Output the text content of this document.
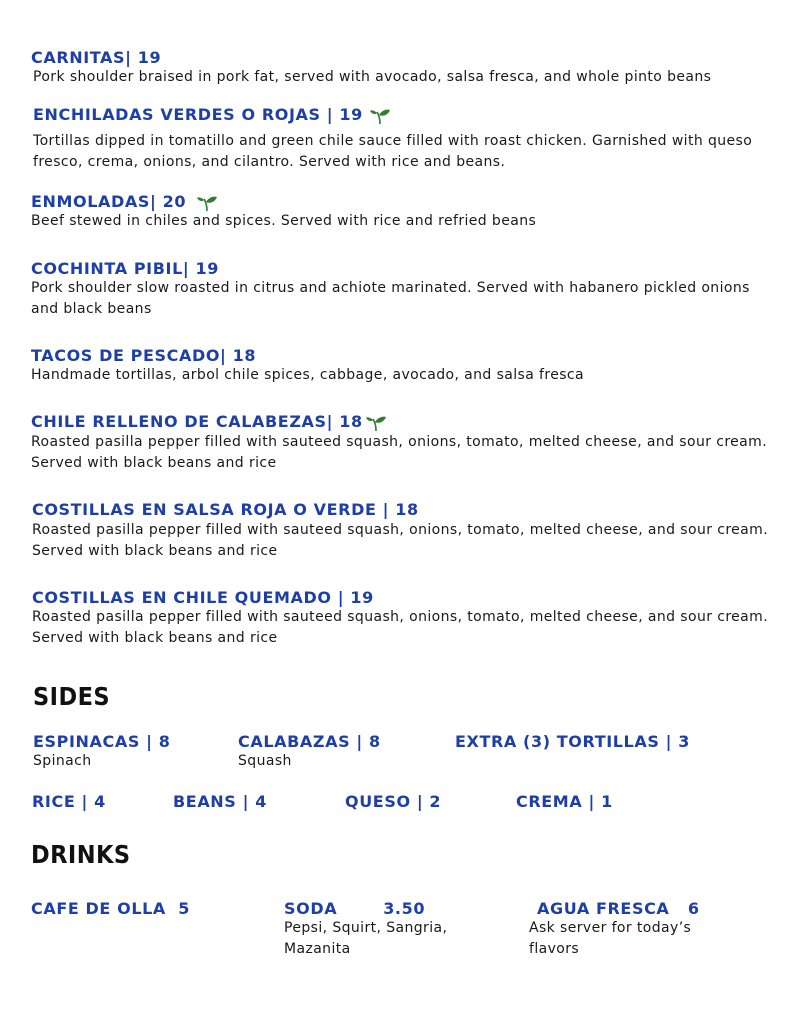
CARNITAS| 19
Pork shoulder braised in pork fat, served with avocado, salsa fresca, and whole pinto beans
ENCHILADAS VERDES O ROJAS | 19
Tortillas dipped in tomatillo and green chile sauce filled with roast chicken. Garnished with queso fresco, crema, onions, and cilantro. Served with rice and beans.
ENMOLADAS| 20
Beef stewed in chiles and spices. Served with rice and refried beans
COCHINTA PIBIL| 19
Pork shoulder slow roasted in citrus and achiote marinated. Served with habanero pickled onions and black beans
TACOS DE PESCADO| 18
Handmade tortillas, arbol chile spices, cabbage, avocado, and salsa fresca
CHILE RELLENO DE CALABEZAS| 18
Roasted pasilla pepper filled with sauteed squash, onions, tomato, melted cheese, and sour cream. Served with black beans and rice
COSTILLAS EN SALSA ROJA O VERDE | 18
Roasted pasilla pepper filled with sauteed squash, onions, tomato, melted cheese, and sour cream. Served with black beans and rice
COSTILLAS EN CHILE QUEMADO | 19
Roasted pasilla pepper filled with sauteed squash, onions, tomato, melted cheese, and sour cream. Served with black beans and rice
SIDES
ESPINACAS | 8
Spinach
CALABAZAS | 8
Squash
EXTRA (3) TORTILLAS | 3
RICE | 4	BEANS | 4	QUESO | 2	CREMA | 1
DRINKS
CAFE DE OLLA 5	SODA	3.50
Pepsi, Squirt, Sangria, Mazanita
AGUA FRESCA 6
Ask server for today’s flavors
